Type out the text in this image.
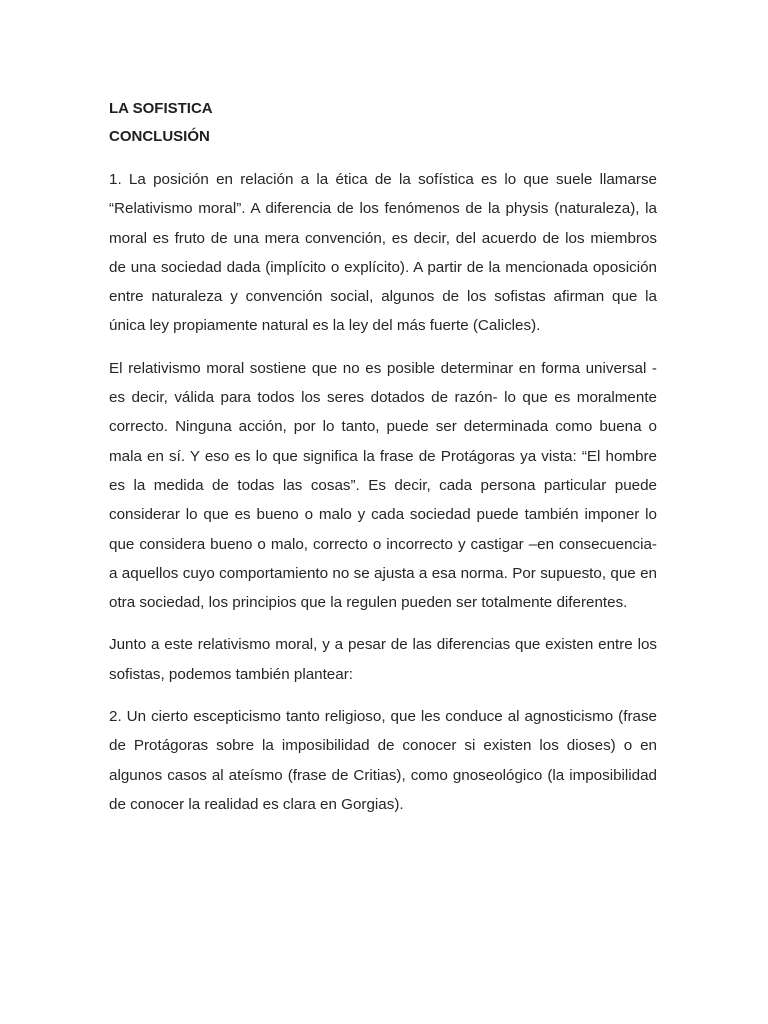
LA SOFISTICA
CONCLUSIÓN

1. La posición en relación a la ética de la sofística es lo que suele llamarse “Relativismo moral”. A diferencia de los fenómenos de la physis (naturaleza), la moral es fruto de una mera convención, es decir, del acuerdo de los miembros de una sociedad dada (implícito o explícito). A partir de la mencionada oposición entre naturaleza y convención social, algunos de los sofistas afirman que la única ley propiamente natural es la ley del más fuerte (Calicles).

El relativismo moral sostiene que no es posible determinar en forma universal - es decir, válida para todos los seres dotados de razón- lo que es moralmente correcto. Ninguna acción, por lo tanto, puede ser determinada como buena o mala en sí. Y eso es lo que significa la frase de Protágoras ya vista: “El hombre es la medida de todas las cosas”. Es decir, cada persona particular puede considerar lo que es bueno o malo y cada sociedad puede también imponer lo que considera bueno o malo, correcto o incorrecto y castigar –en consecuencia- a aquellos cuyo comportamiento no se ajusta a esa norma. Por supuesto, que en otra sociedad, los principios que la regulen pueden ser totalmente diferentes.

Junto a este relativismo moral, y a pesar de las diferencias que existen entre los sofistas, podemos también plantear:

2. Un cierto escepticismo tanto religioso, que les conduce al agnosticismo (frase de Protágoras sobre la imposibilidad de conocer si existen los dioses) o en algunos casos al ateísmo (frase de Critias), como gnoseológico (la imposibilidad de conocer la realidad es clara en Gorgias).
